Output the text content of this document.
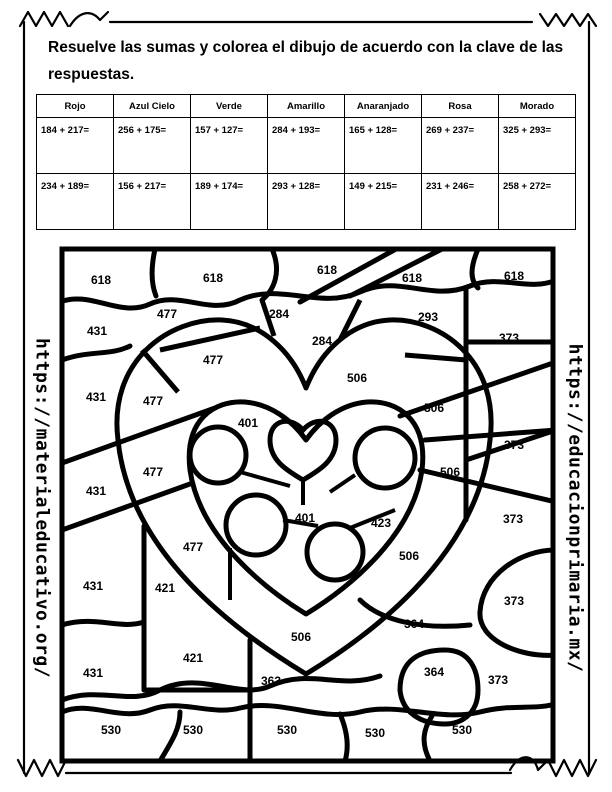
Resuelve las sumas y colorea el dibujo de acuerdo con la clave de las respuestas.
Rojo	Azul Cielo	Verde	Amarillo	Anaranjado	Rosa	Morado
184 + 217=	256 + 175=	157 + 127=	284 + 193=	165 + 128=	269 + 237=	325 + 293=
234 + 189=	156 + 217=	189 + 174=	293 + 128=	149 + 215=	231 + 246=	258 + 272=
618	618
618
618	618
431
477	284
284
293
373
477
431	477
506
401
506
373
431
477	506
401	423	373
477
506
431	421
373
506
364
431
421
363
364
373
530	530	530	530	530
https://materialeducativo.org/	https://educacionprimaria.mx/
